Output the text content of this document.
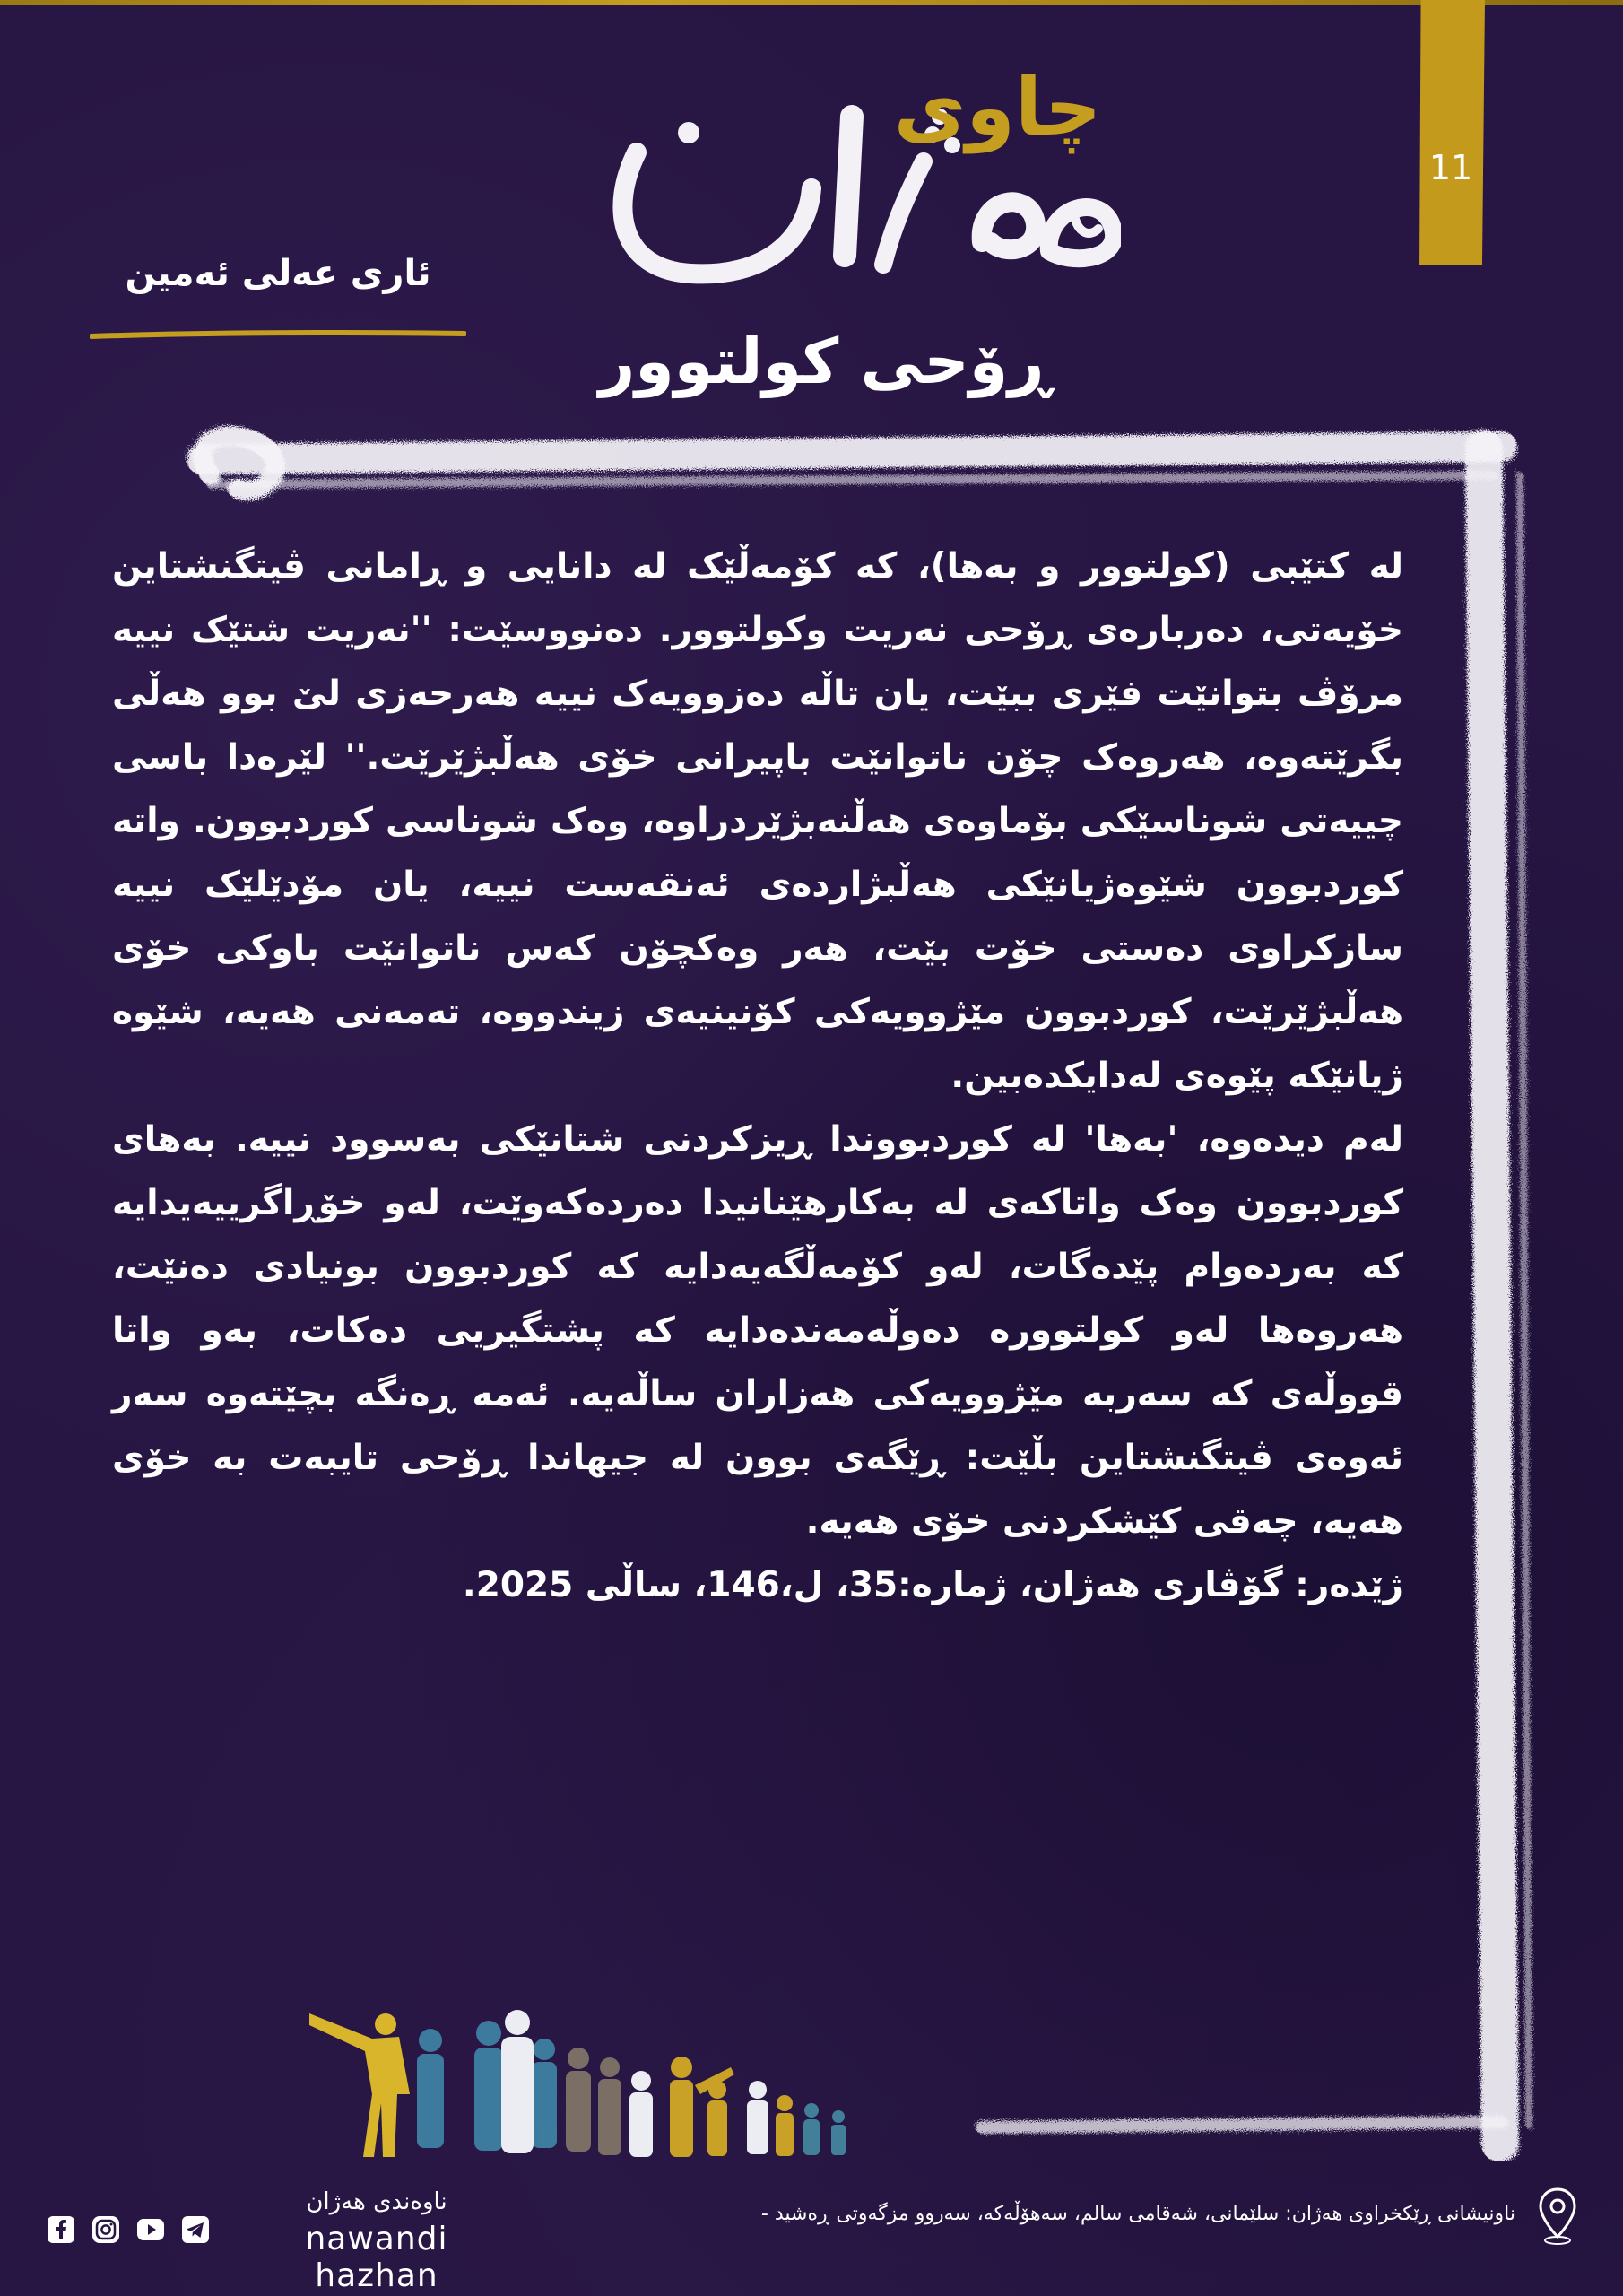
11
چاوی
ئاری عەلی ئەمین
ڕۆحی کولتوور

لە کتێبی (کولتوور و بەها)، کە کۆمەڵێک لە دانایی و ڕامانی ڤیتگنشتاین خۆیەتی، دەربارەی ڕۆحی نەریت وکولتوور. دەنووسێت: ''نەریت شتێک نییە مرۆڤ بتوانێت فێری ببێت، یان تاڵە دەزوویەک نییە هەرحەزی لێ بوو هەڵی بگرێتەوە، هەروەک چۆن ناتوانێت باپیرانی خۆی هەڵبژێرێت.'' لێرەدا باسی چییەتی شوناسێکی بۆماوەی هەڵنەبژێردراوە، وەک شوناسی کوردبوون. واتە کوردبوون شێوەژیانێکی هەڵبژاردەی ئەنقەست نییە، یان مۆدێلێک نییە سازکراوی دەستی خۆت بێت، هەر وەکچۆن کەس ناتوانێت باوکی خۆی هەڵبژێرێت، کوردبوون مێژوویەکی کۆنینیەی زیندووە، تەمەنی هەیە، شێوە ژیانێکە پێوەی لەدایکدەبین.

لەم دیدەوە، 'بەها' لە کوردبووندا ڕیزکردنی شتانێکی بەسوود نییە. بەهای کوردبوون وەک واتاکەی لە بەکارهێنانیدا دەردەکەوێت، لەو خۆڕاگرییەیدایە کە بەردەوام پێدەگات، لەو کۆمەڵگەیەدایە کە کوردبوون بونیادی دەنێت، هەروەها لەو کولتوورە دەوڵەمەندەدایە کە پشتگیریی دەکات، بەو واتا قووڵەی کە سەربە مێژوویەکی هەزاران ساڵەیە. ئەمە ڕەنگە بچێتەوە سەر ئەوەی ڤیتگنشتاین بڵێت: ڕێگەی بوون لە جیهاندا ڕۆحی تایبەت بە خۆی هەیە، چەقی کێشکردنی خۆی هەیە.

ژێدەر: گۆڤاری هەژان، ژمارە:35، ل،146، ساڵی 2025.

ناونیشانی ڕێکخراوی هەژان: سلێمانی، شەقامی سالم، سەهۆڵەکە، سەروو مزگەوتی ڕەشید -
ناوەندی هەژان
nawandi hazhan
